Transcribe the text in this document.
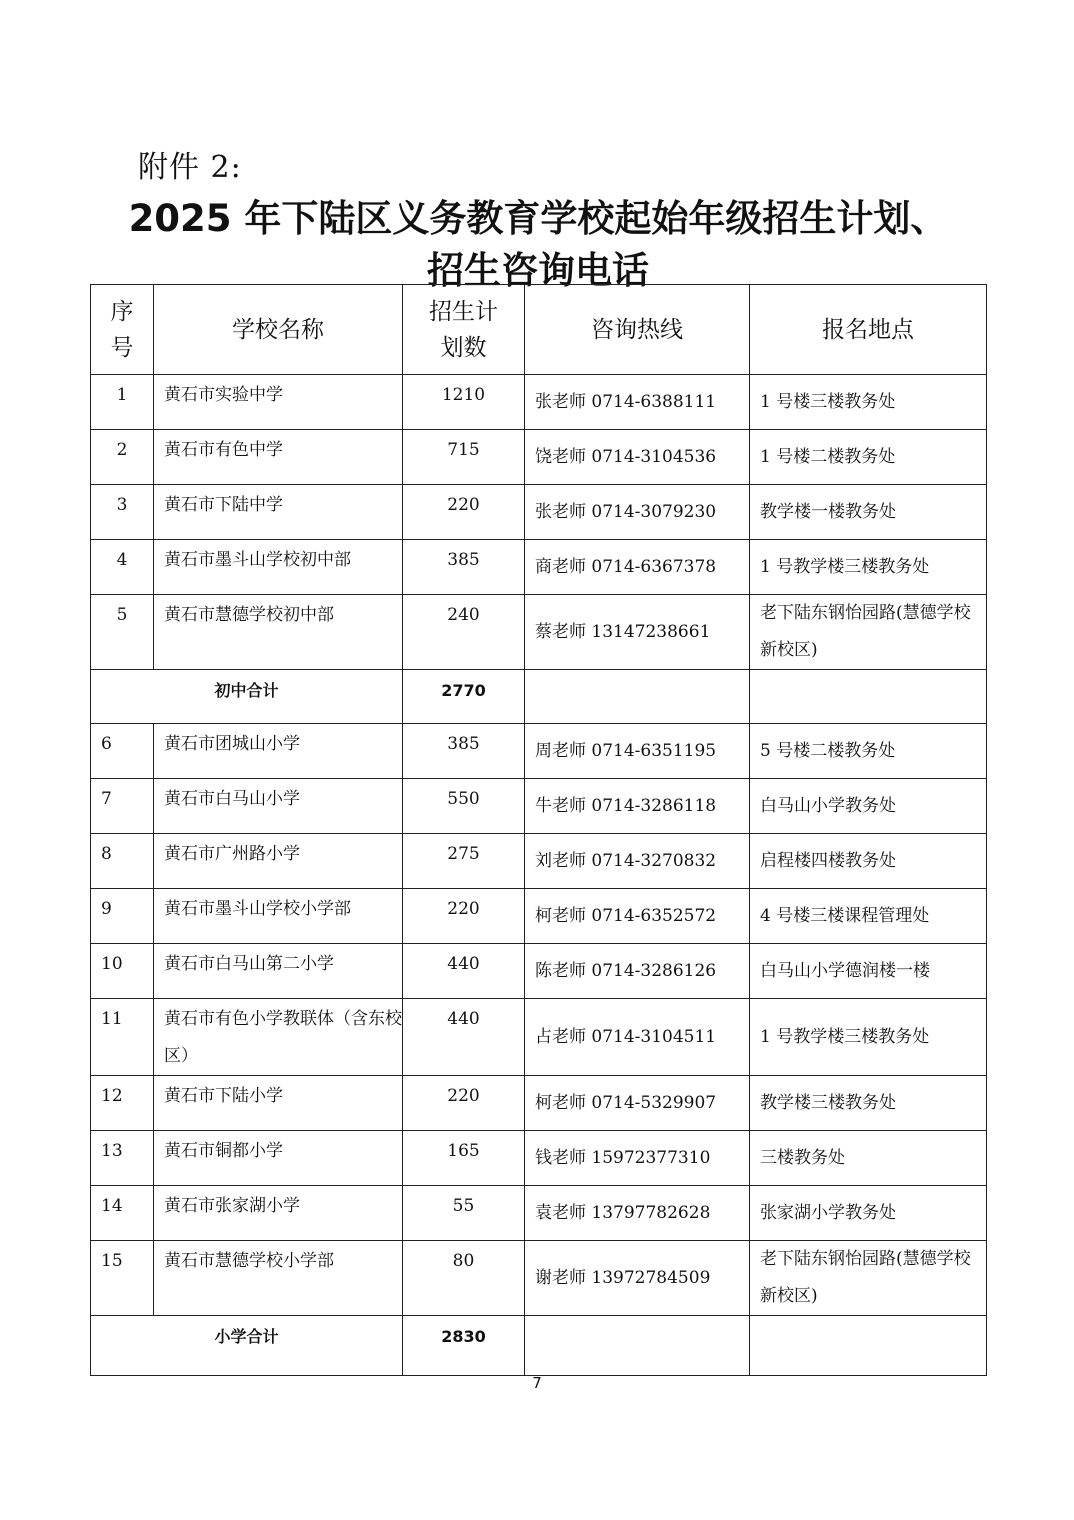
附件 2:
2025 年下陆区义务教育学校起始年级招生计划、
招生咨询电话
序号	学校名称	招生计划数	咨询热线	报名地点
1	黄石市实验中学	1210	张老师 0714-6388111	1 号楼三楼教务处
2	黄石市有色中学	715	饶老师 0714-3104536	1 号楼二楼教务处
3	黄石市下陆中学	220	张老师 0714-3079230	教学楼一楼教务处
4	黄石市墨斗山学校初中部	385	商老师 0714-6367378	1 号教学楼三楼教务处
5	黄石市慧德学校初中部	240	蔡老师 13147238661	老下陆东钢怡园路(慧德学校新校区)
初中合计		2770		
6	黄石市团城山小学	385	周老师 0714-6351195	5 号楼二楼教务处
7	黄石市白马山小学	550	牛老师 0714-3286118	白马山小学教务处
8	黄石市广州路小学	275	刘老师 0714-3270832	启程楼四楼教务处
9	黄石市墨斗山学校小学部	220	柯老师 0714-6352572	4 号楼三楼课程管理处
10	黄石市白马山第二小学	440	陈老师 0714-3286126	白马山小学德润楼一楼
11	黄石市有色小学教联体（含东校区）	440	占老师 0714-3104511	1 号教学楼三楼教务处
12	黄石市下陆小学	220	柯老师 0714-5329907	教学楼三楼教务处
13	黄石市铜都小学	165	钱老师 15972377310	三楼教务处
14	黄石市张家湖小学	55	袁老师 13797782628	张家湖小学教务处
15	黄石市慧德学校小学部	80	谢老师 13972784509	老下陆东钢怡园路(慧德学校新校区)
小学合计		2830		
7
